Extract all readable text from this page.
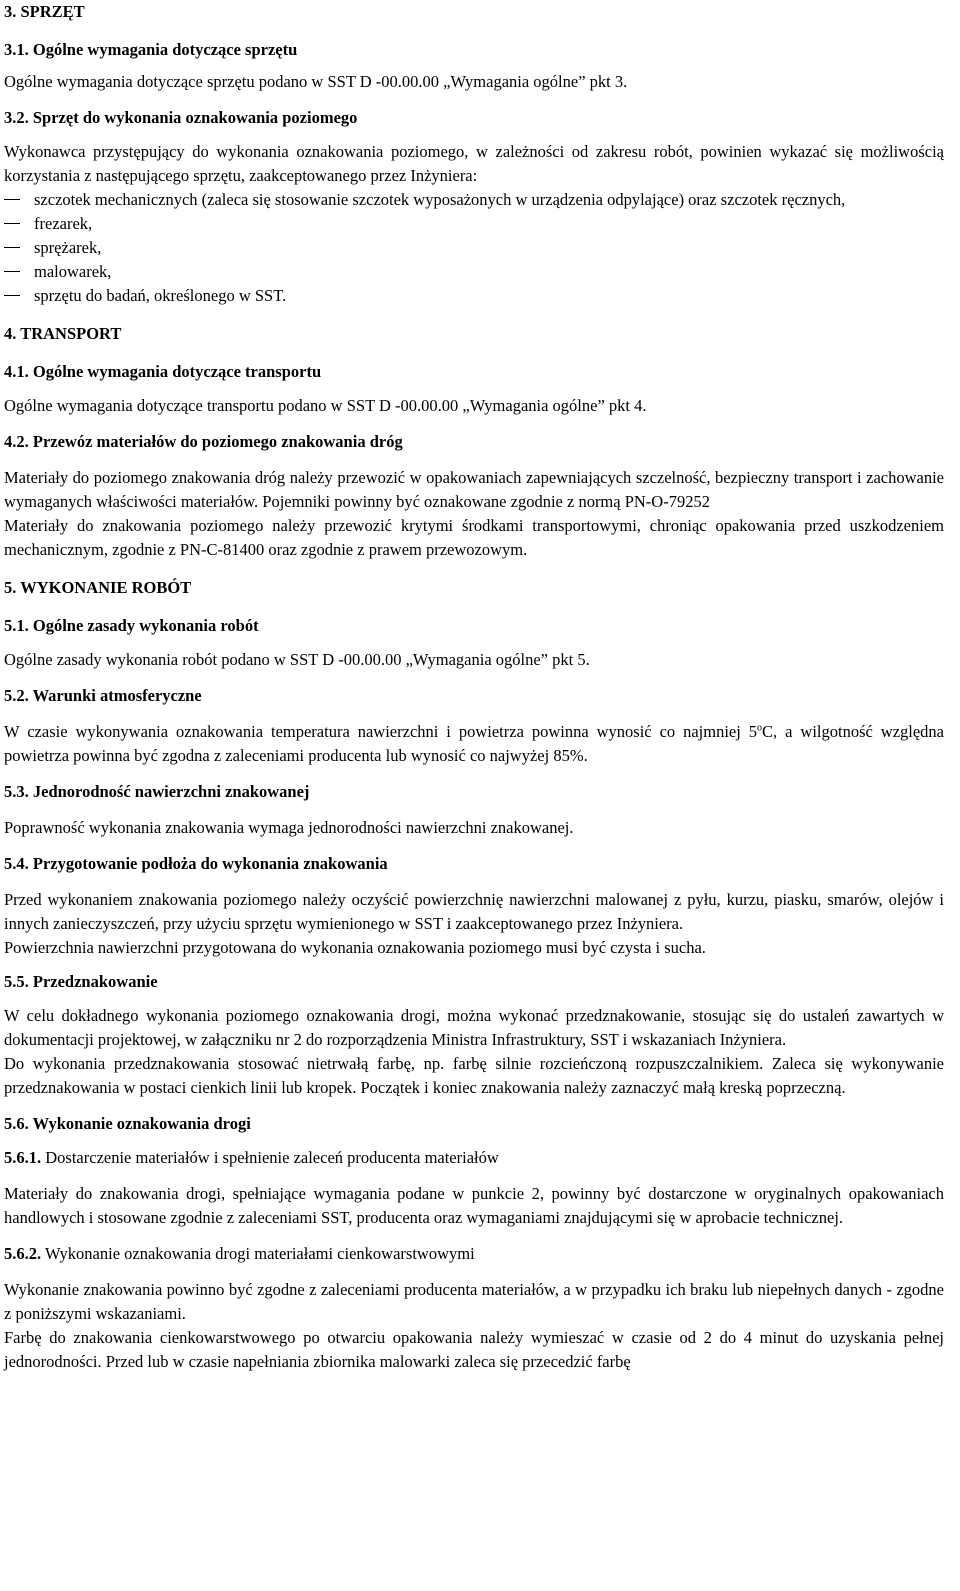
3. SPRZĘT
3.1. Ogólne wymagania dotyczące sprzętu

Ogólne wymagania dotyczące sprzętu podano w SST D -00.00.00 „Wymagania ogólne” pkt 3.

3.2. Sprzęt do wykonania oznakowania poziomego

Wykonawca przystępujący do wykonania oznakowania poziomego, w zależności od zakresu robót, powinien wykazać się możliwością korzystania z następującego sprzętu, zaakceptowanego przez Inżyniera:

szczotek mechanicznych (zaleca się stosowanie szczotek wyposażonych w urządzenia odpylające) oraz szczotek ręcznych,
frezarek,
sprężarek,
malowarek,
sprzętu do badań, określonego w SST.
4. TRANSPORT
4.1. Ogólne wymagania dotyczące transportu

Ogólne wymagania dotyczące transportu podano w SST D -00.00.00 „Wymagania ogólne” pkt 4.

4.2. Przewóz materiałów do poziomego znakowania dróg

Materiały do poziomego znakowania dróg należy przewozić w opakowaniach zapewniających szczelność, bezpieczny transport i zachowanie wymaganych właściwości materiałów. Pojemniki powinny być oznakowane zgodnie z normą PN-O-79252

Materiały do znakowania poziomego należy przewozić krytymi środkami transportowymi, chroniąc opakowania przed uszkodzeniem mechanicznym, zgodnie z PN-C-81400 oraz zgodnie z prawem przewozowym.

5. WYKONANIE ROBÓT
5.1. Ogólne zasady wykonania robót

Ogólne zasady wykonania robót podano w SST D -00.00.00 „Wymagania ogólne” pkt 5.

5.2. Warunki atmosferyczne

W czasie wykonywania oznakowania temperatura nawierzchni i powietrza powinna wynosić co najmniej 5$^o$C, a wilgotność względna powietrza powinna być zgodna z zaleceniami producenta lub wynosić co najwyżej 85%.

5.3. Jednorodność nawierzchni znakowanej

Poprawność wykonania znakowania wymaga jednorodności nawierzchni znakowanej.

5.4. Przygotowanie podłoża do wykonania znakowania

Przed wykonaniem znakowania poziomego należy oczyścić powierzchnię nawierzchni malowanej z pyłu, kurzu, piasku, smarów, olejów i innych zanieczyszczeń, przy użyciu sprzętu wymienionego w SST i zaakceptowanego przez Inżyniera.

Powierzchnia nawierzchni przygotowana do wykonania oznakowania poziomego musi być czysta i sucha.

5.5. Przedznakowanie

W celu dokładnego wykonania poziomego oznakowania drogi, można wykonać przedznakowanie, stosując się do ustaleń zawartych w dokumentacji projektowej, w załączniku nr 2 do rozporządzenia Ministra Infrastruktury, SST i wskazaniach Inżyniera.

Do wykonania przedznakowania stosować nietrwałą farbę, np. farbę silnie rozcieńczoną rozpuszczalnikiem. Zaleca się wykonywanie przedznakowania w postaci cienkich linii lub kropek. Początek i koniec znakowania należy zaznaczyć małą kreską poprzeczną.

5.6. Wykonanie oznakowania drogi
5.6.1. Dostarczenie materiałów i spełnienie zaleceń producenta materiałów

Materiały do znakowania drogi, spełniające wymagania podane w punkcie 2, powinny być dostarczone w oryginalnych opakowaniach handlowych i stosowane zgodnie z zaleceniami SST, producenta oraz wymaganiami znajdującymi się w aprobacie technicznej.

5.6.2. Wykonanie oznakowania drogi materiałami cienkowarstwowymi

Wykonanie znakowania powinno być zgodne z zaleceniami producenta materiałów, a w przypadku ich braku lub niepełnych danych - zgodne z poniższymi wskazaniami.

Farbę do znakowania cienkowarstwowego po otwarciu opakowania należy wymieszać w czasie od 2 do 4 minut do uzyskania pełnej jednorodności. Przed lub w czasie napełniania zbiornika malowarki zaleca się przecedzić farbę
